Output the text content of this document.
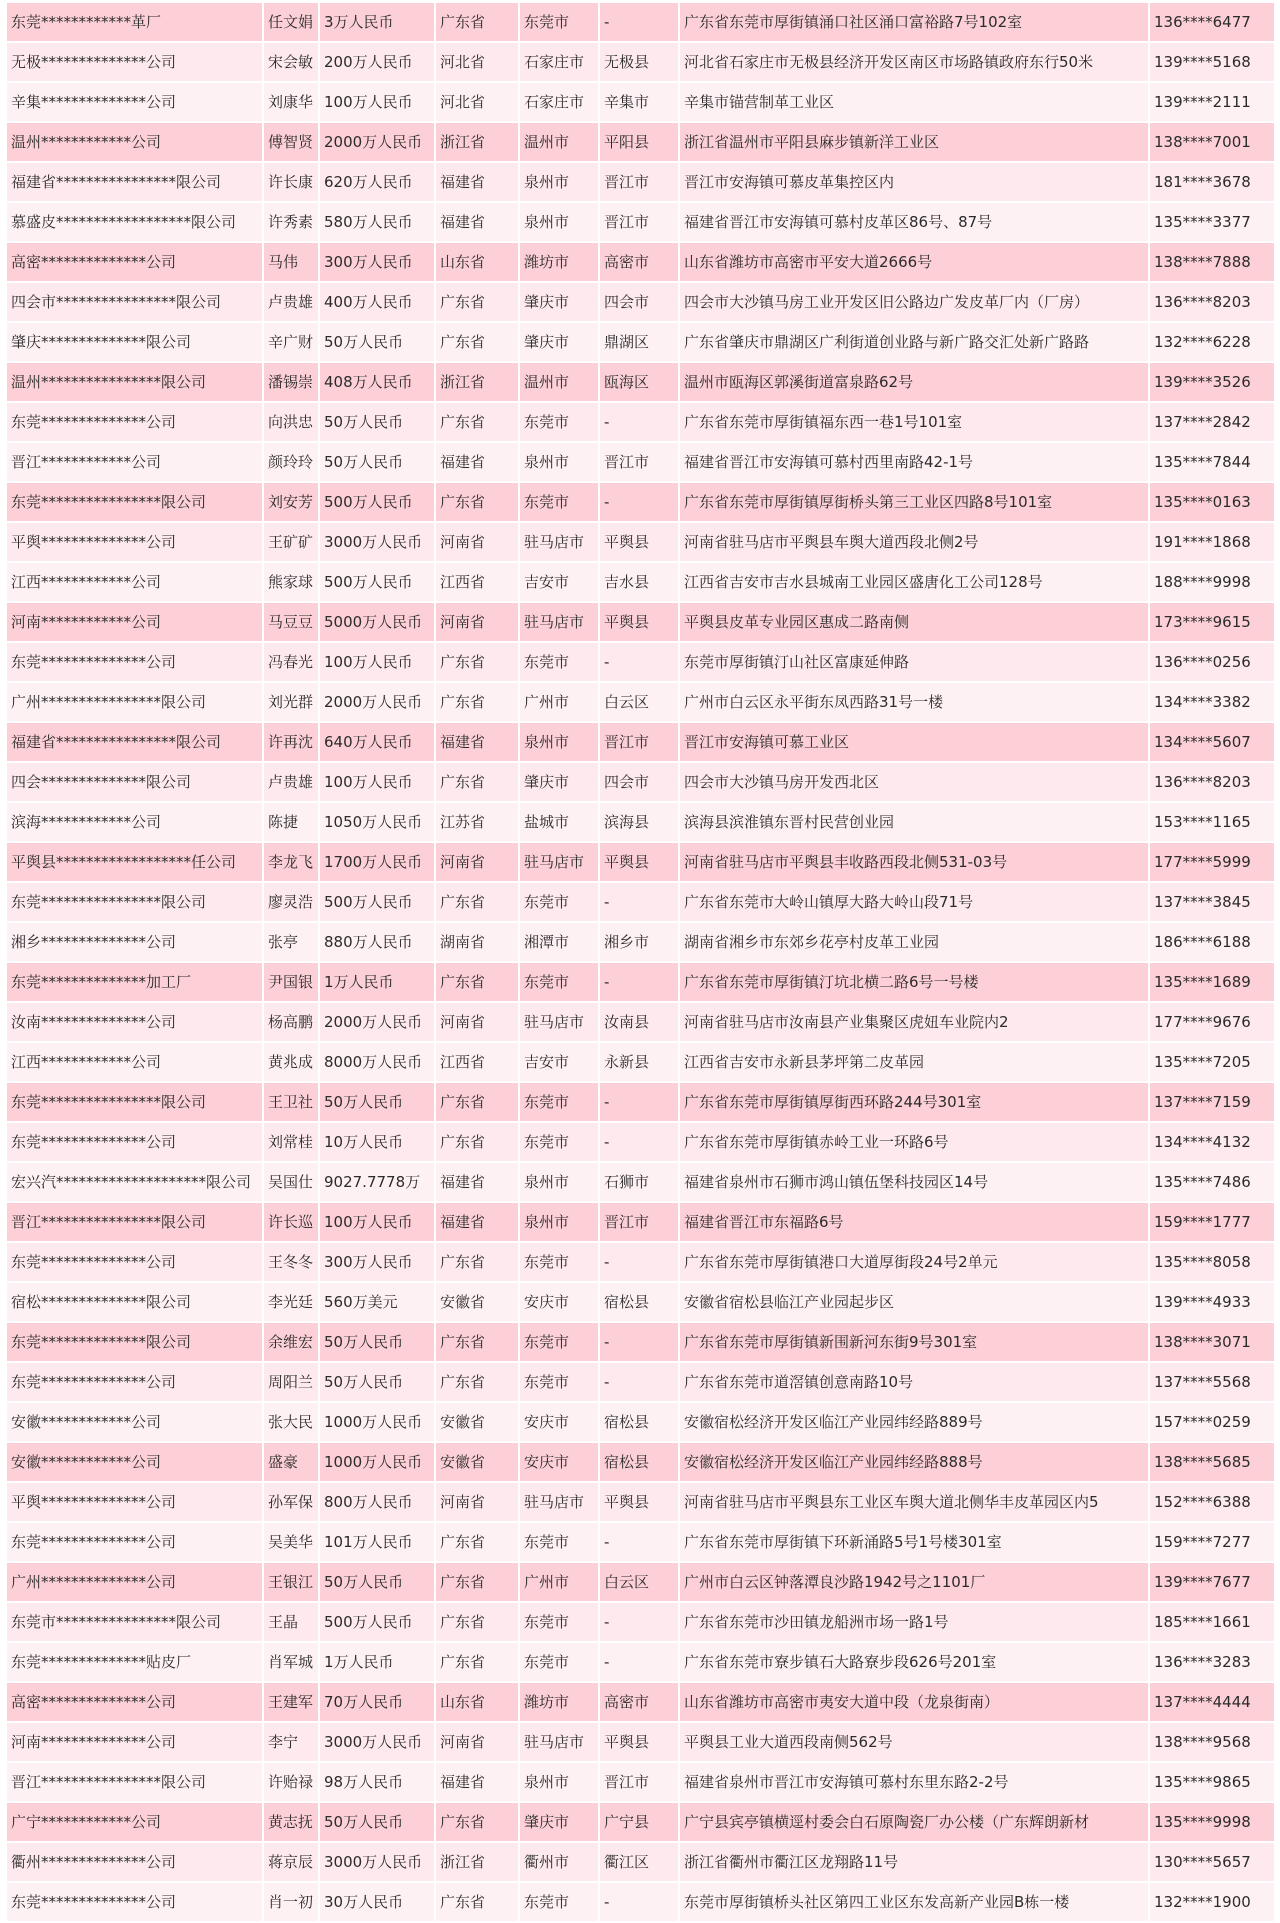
东莞************革厂	任文娟	3万人民币	广东省	东莞市	-	广东省东莞市厚街镇涌口社区涌口富裕路7号102室	136****6477
无极**************公司	宋会敏	200万人民币	河北省	石家庄市	无极县	河北省石家庄市无极县经济开发区南区市场路镇政府东行50米	139****5168
辛集**************公司	刘康华	100万人民币	河北省	石家庄市	辛集市	辛集市锚营制革工业区	139****2111
温州************公司	傅智贤	2000万人民币	浙江省	温州市	平阳县	浙江省温州市平阳县麻步镇新洋工业区	138****7001
福建省****************限公司	许长康	620万人民币	福建省	泉州市	晋江市	晋江市安海镇可慕皮革集控区内	181****3678
慕盛皮******************限公司	许秀素	580万人民币	福建省	泉州市	晋江市	福建省晋江市安海镇可慕村皮革区86号、87号	135****3377
高密**************公司	马伟	300万人民币	山东省	潍坊市	高密市	山东省潍坊市高密市平安大道2666号	138****7888
四会市****************限公司	卢贵雄	400万人民币	广东省	肇庆市	四会市	四会市大沙镇马房工业开发区旧公路边广发皮革厂内（厂房）	136****8203
肇庆**************限公司	辛广财	50万人民币	广东省	肇庆市	鼎湖区	广东省肇庆市鼎湖区广利街道创业路与新广路交汇处新广路路	132****6228
温州****************限公司	潘锡崇	408万人民币	浙江省	温州市	瓯海区	温州市瓯海区郭溪街道富泉路62号	139****3526
东莞**************公司	向洪忠	50万人民币	广东省	东莞市	-	广东省东莞市厚街镇福东西一巷1号101室	137****2842
晋江************公司	颜玲玲	50万人民币	福建省	泉州市	晋江市	福建省晋江市安海镇可慕村西里南路42-1号	135****7844
东莞****************限公司	刘安芳	500万人民币	广东省	东莞市	-	广东省东莞市厚街镇厚街桥头第三工业区四路8号101室	135****0163
平舆**************公司	王矿矿	3000万人民币	河南省	驻马店市	平舆县	河南省驻马店市平舆县车舆大道西段北侧2号	191****1868
江西************公司	熊家球	500万人民币	江西省	吉安市	吉水县	江西省吉安市吉水县城南工业园区盛唐化工公司128号	188****9998
河南************公司	马豆豆	5000万人民币	河南省	驻马店市	平舆县	平舆县皮革专业园区惠成二路南侧	173****9615
东莞**************公司	冯春光	100万人民币	广东省	东莞市	-	东莞市厚街镇汀山社区富康延伸路	136****0256
广州****************限公司	刘光群	2000万人民币	广东省	广州市	白云区	广州市白云区永平街东凤西路31号一楼	134****3382
福建省****************限公司	许再沈	640万人民币	福建省	泉州市	晋江市	晋江市安海镇可慕工业区	134****5607
四会**************限公司	卢贵雄	100万人民币	广东省	肇庆市	四会市	四会市大沙镇马房开发西北区	136****8203
滨海************公司	陈捷	1050万人民币	江苏省	盐城市	滨海县	滨海县滨淮镇东晋村民营创业园	153****1165
平舆县******************任公司	李龙飞	1700万人民币	河南省	驻马店市	平舆县	河南省驻马店市平舆县丰收路西段北侧531-03号	177****5999
东莞****************限公司	廖灵浩	500万人民币	广东省	东莞市	-	广东省东莞市大岭山镇厚大路大岭山段71号	137****3845
湘乡**************公司	张亭	880万人民币	湖南省	湘潭市	湘乡市	湖南省湘乡市东郊乡花亭村皮革工业园	186****6188
东莞**************加工厂	尹国银	1万人民币	广东省	东莞市	-	广东省东莞市厚街镇汀坑北横二路6号一号楼	135****1689
汝南**************公司	杨高鹏	2000万人民币	河南省	驻马店市	汝南县	河南省驻马店市汝南县产业集聚区虎妞车业院内2	177****9676
江西************公司	黄兆成	8000万人民币	江西省	吉安市	永新县	江西省吉安市永新县茅坪第二皮革园	135****7205
东莞****************限公司	王卫社	50万人民币	广东省	东莞市	-	广东省东莞市厚街镇厚街西环路244号301室	137****7159
东莞**************公司	刘常桂	10万人民币	广东省	东莞市	-	广东省东莞市厚街镇赤岭工业一环路6号	134****4132
宏兴汽********************限公司	吴国仕	9027.7778万	福建省	泉州市	石狮市	福建省泉州市石狮市鸿山镇伍堡科技园区14号	135****7486
晋江****************限公司	许长巡	100万人民币	福建省	泉州市	晋江市	福建省晋江市东福路6号	159****1777
东莞**************公司	王冬冬	300万人民币	广东省	东莞市	-	广东省东莞市厚街镇港口大道厚街段24号2单元	135****8058
宿松**************限公司	李光廷	560万美元	安徽省	安庆市	宿松县	安徽省宿松县临江产业园起步区	139****4933
东莞**************限公司	余维宏	50万人民币	广东省	东莞市	-	广东省东莞市厚街镇新围新河东街9号301室	138****3071
东莞**************公司	周阳兰	50万人民币	广东省	东莞市	-	广东省东莞市道滘镇创意南路10号	137****5568
安徽************公司	张大民	1000万人民币	安徽省	安庆市	宿松县	安徽宿松经济开发区临江产业园纬经路889号	157****0259
安徽************公司	盛豪	1000万人民币	安徽省	安庆市	宿松县	安徽宿松经济开发区临江产业园纬经路888号	138****5685
平舆**************公司	孙军保	800万人民币	河南省	驻马店市	平舆县	河南省驻马店市平舆县东工业区车舆大道北侧华丰皮革园区内5	152****6388
东莞**************公司	吴美华	101万人民币	广东省	东莞市	-	广东省东莞市厚街镇下环新涌路5号1号楼301室	159****7277
广州**************公司	王银江	50万人民币	广东省	广州市	白云区	广州市白云区钟落潭良沙路1942号之1101厂	139****7677
东莞市****************限公司	王晶	500万人民币	广东省	东莞市	-	广东省东莞市沙田镇龙船洲市场一路1号	185****1661
东莞**************贴皮厂	肖军城	1万人民币	广东省	东莞市	-	广东省东莞市寮步镇石大路寮步段626号201室	136****3283
高密**************公司	王建军	70万人民币	山东省	潍坊市	高密市	山东省潍坊市高密市夷安大道中段（龙泉街南）	137****4444
河南**************公司	李宁	3000万人民币	河南省	驻马店市	平舆县	平舆县工业大道西段南侧562号	138****9568
晋江****************限公司	许贻禄	98万人民币	福建省	泉州市	晋江市	福建省泉州市晋江市安海镇可慕村东里东路2-2号	135****9865
广宁************公司	黄志抚	50万人民币	广东省	肇庆市	广宁县	广宁县宾亭镇横逕村委会白石原陶瓷厂办公楼（广东辉朗新材	135****9998
衢州**************公司	蒋京辰	3000万人民币	浙江省	衢州市	衢江区	浙江省衢州市衢江区龙翔路11号	130****5657
东莞**************公司	肖一初	30万人民币	广东省	东莞市	-	东莞市厚街镇桥头社区第四工业区东发高新产业园B栋一楼	132****1900
